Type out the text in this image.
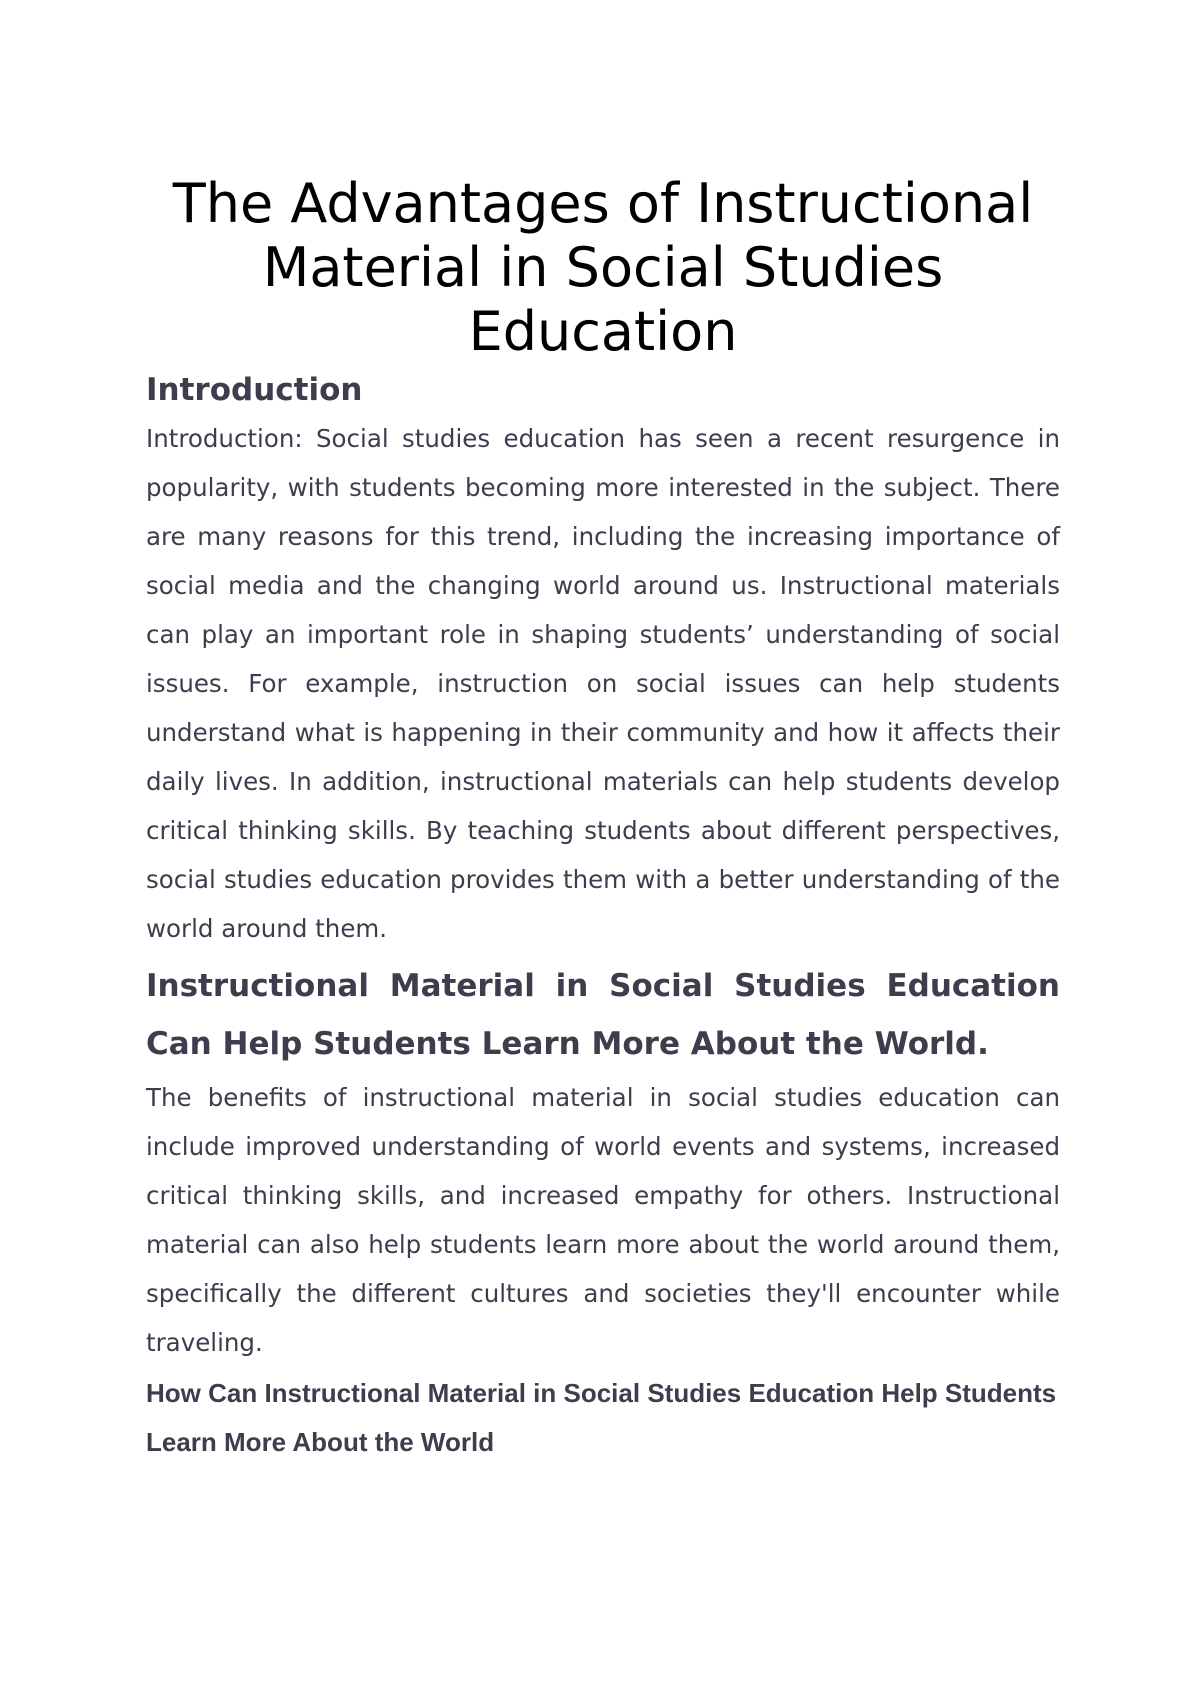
The Advantages of Instructional Material in Social Studies Education
Introduction

Introduction: Social studies education has seen a recent resurgence in popularity, with students becoming more interested in the subject. There are many reasons for this trend, including the increasing importance of social media and the changing world around us. Instructional materials can play an important role in shaping students’ understanding of social issues. For example, instruction on social issues can help students understand what is happening in their community and how it affects their daily lives. In addition, instructional materials can help students develop critical thinking skills. By teaching students about different perspectives, social studies education provides them with a better understanding of the world around them.

Instructional Material in Social Studies Education Can Help Students Learn More About the World.

The benefits of instructional material in social studies education can include improved understanding of world events and systems, increased critical thinking skills, and increased empathy for others. Instructional material can also help students learn more about the world around them, specifically the different cultures and societies they'll encounter while traveling.

How Can Instructional Material in Social Studies Education Help Students Learn More About the World
